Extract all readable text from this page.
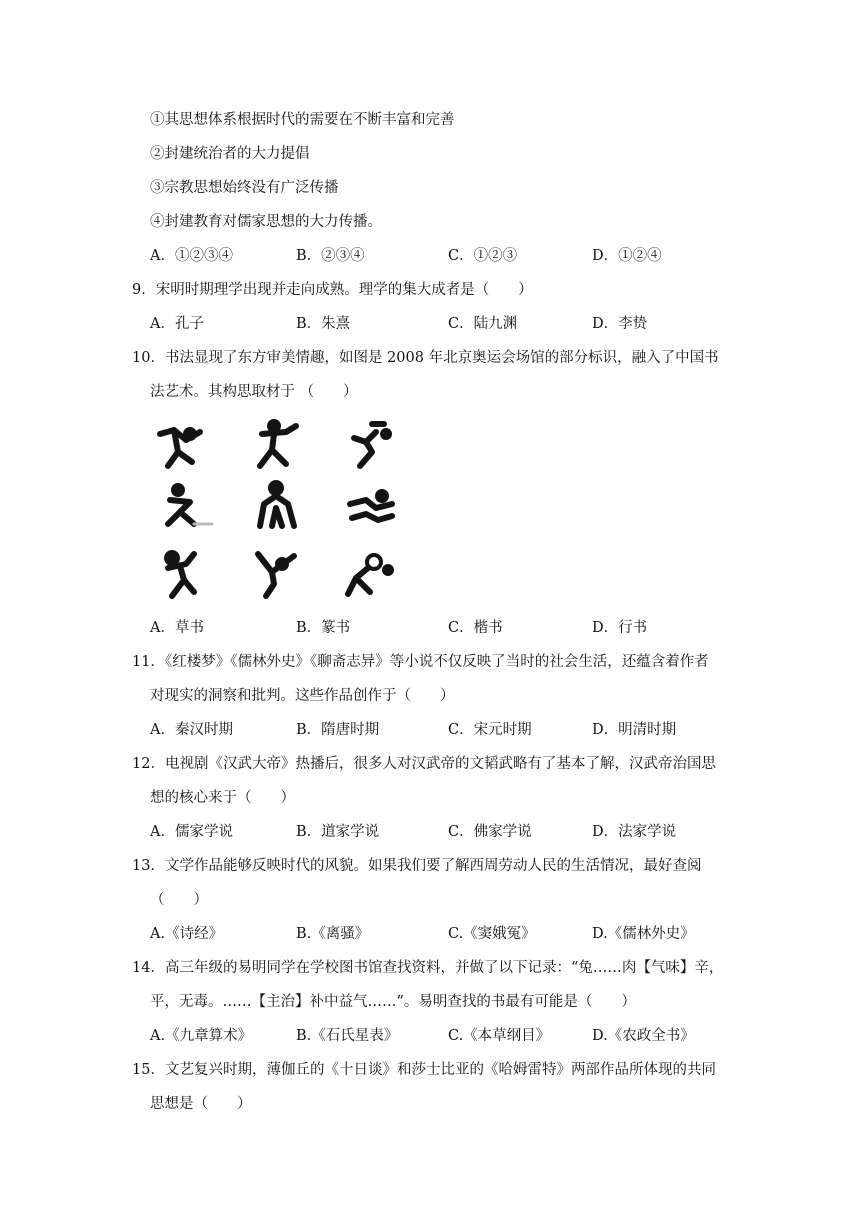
①其思想体系根据时代的需要在不断丰富和完善
②封建统治者的大力提倡
③宗教思想始终没有广泛传播
④封建教育对儒家思想的大力传播。
A．①②③④	B．②③④	C．①②③	D．①②④
9．宋明时期理学出现并走向成熟。理学的集大成者是（　　）
A．孔子	B．朱熹	C．陆九渊	D．李贽
10．书法显现了东方审美情趣，如图是 2008 年北京奥运会场馆的部分标识，融入了中国书
法艺术。其构思取材于 （　　）
A．草书	B．篆书	C．楷书	D．行书
11．《红楼梦》《儒林外史》《聊斋志异》等小说不仅反映了当时的社会生活，还蕴含着作者
对现实的洞察和批判。这些作品创作于（　　）
A．秦汉时期	B．隋唐时期	C．宋元时期	D．明清时期
12．电视剧《汉武大帝》热播后，很多人对汉武帝的文韬武略有了基本了解，汉武帝治国思
想的核心来于（　　）
A．儒家学说	B．道家学说	C．佛家学说	D．法家学说
13．文学作品能够反映时代的风貌。如果我们要了解西周劳动人民的生活情况，最好查阅
（　　）
A.《诗经》	B.《离骚》	C.《窦娥冤》	D.《儒林外史》
14．高三年级的易明同学在学校图书馆查找资料，并做了以下记录：“兔……肉【气味】辛，
平，无毒。……【主治】补中益气……”。易明查找的书最有可能是（　　）
A.《九章算术》	B.《石氏星表》	C.《本草纲目》	D.《农政全书》
15．文艺复兴时期，薄伽丘的《十日谈》和莎士比亚的《哈姆雷特》两部作品所体现的共同
思想是（　　）
